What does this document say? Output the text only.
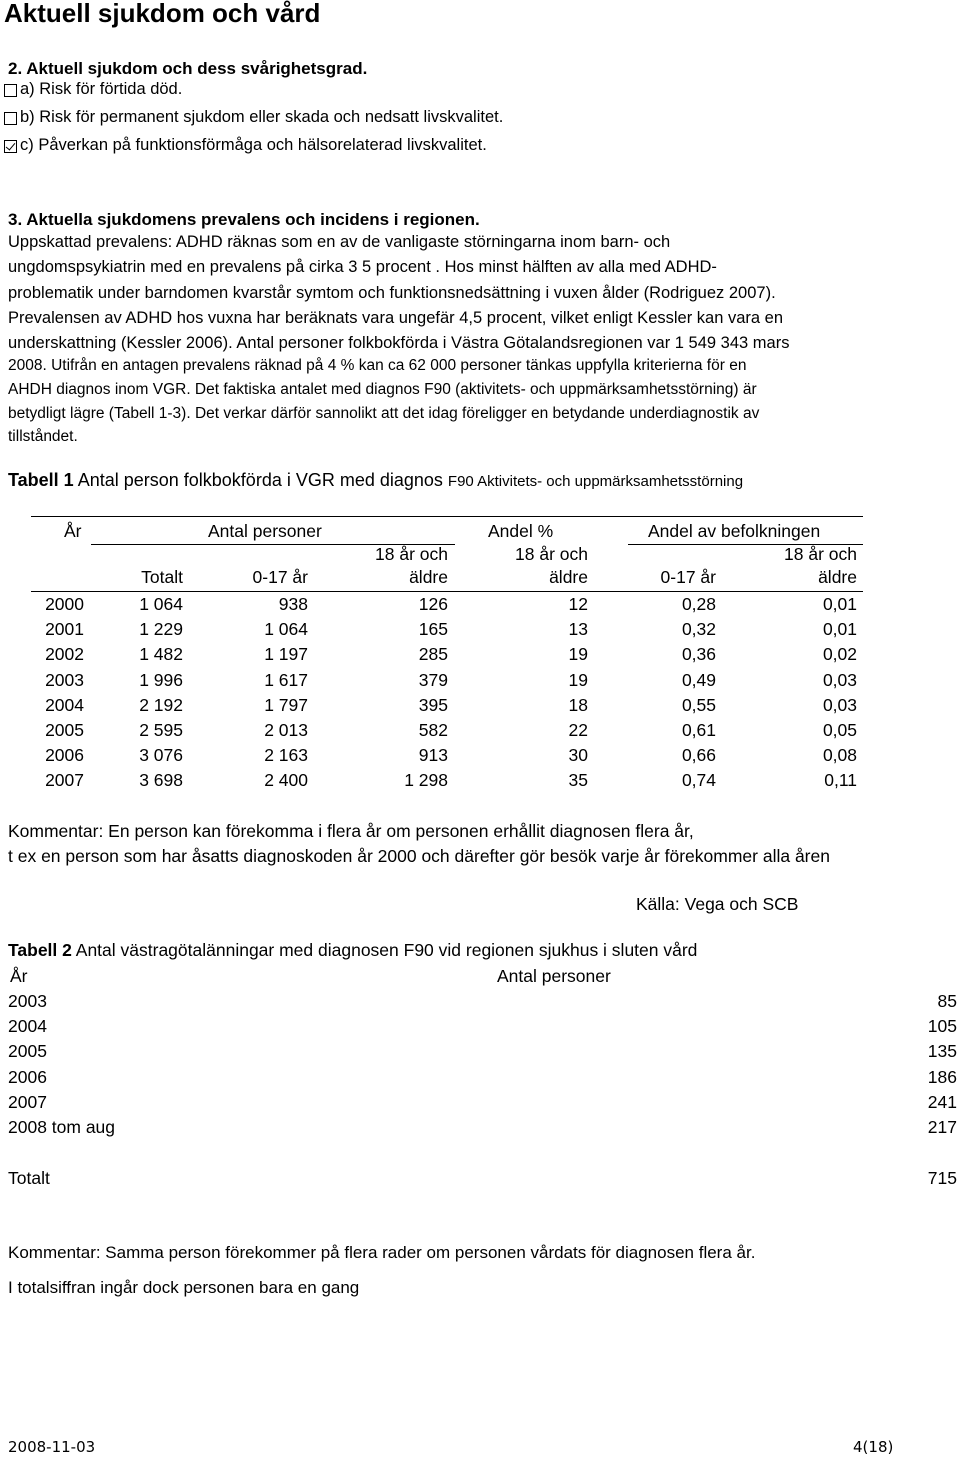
Aktuell sjukdom och vård
2. Aktuell sjukdom och dess svårighetsgrad.
a) Risk för förtida död.
b) Risk för permanent sjukdom eller skada och nedsatt livskvalitet.
c) Påverkan på funktionsförmåga och hälsorelaterad livskvalitet.
3. Aktuella sjukdomens prevalens och incidens i regionen.
Uppskattad prevalens: ADHD räknas som en av de vanligaste störningarna inom barn- och
ungdomspsykiatrin med en prevalens på cirka 3 5 procent . Hos minst hälften av alla med ADHD-
problematik under barndomen kvarstår symtom och funktionsnedsättning i vuxen ålder (Rodriguez 2007).
Prevalensen av ADHD hos vuxna har beräknats vara ungefär 4,5 procent, vilket enligt Kessler kan vara en
underskattning (Kessler 2006). Antal personer folkbokförda i Västra Götalandsregionen var 1 549 343 mars
2008. Utifrån en antagen prevalens räknad på 4 % kan ca 62 000 personer tänkas uppfylla kriterierna för en
AHDH diagnos inom VGR. Det faktiska antalet med diagnos F90 (aktivitets- och uppmärksamhetsstörning) är
betydligt lägre (Tabell 1-3). Det verkar därför sannolikt att det idag föreligger en betydande underdiagnostik av
tillståndet.
Tabell 1 Antal person folkbokförda i VGR med diagnos F90 Aktivitets- och uppmärksamhetsstörning
År	Antal personer	Andel %	Andel av befolkningen
18 år och	18 år och	18 år och
Totalt	0-17 år	äldre	äldre	0-17 år	äldre
2000	1 064	938	126	12	0,28	0,01
2001	1 229	1 064	165	13	0,32	0,01
2002	1 482	1 197	285	19	0,36	0,02
2003	1 996	1 617	379	19	0,49	0,03
2004	2 192	1 797	395	18	0,55	0,03
2005	2 595	2 013	582	22	0,61	0,05
2006	3 076	2 163	913	30	0,66	0,08
2007	3 698	2 400	1 298	35	0,74	0,11
Kommentar: En person kan förekomma i flera år om personen erhållit diagnosen flera år,
t ex en person som har åsatts diagnoskoden år 2000 och därefter gör besök varje år förekommer alla åren
Källa: Vega och SCB
Tabell 2 Antal västragötalänningar med diagnosen F90 vid regionen sjukhus i sluten vård
År	Antal personer
2003	85
2004	105
2005	135
2006	186
2007	241
2008 tom aug	217
Totalt	715
Kommentar: Samma person förekommer på flera rader om personen vårdats för diagnosen flera år.
I totalsiffran ingår dock personen bara en gang
2008-11-03	4(18)
